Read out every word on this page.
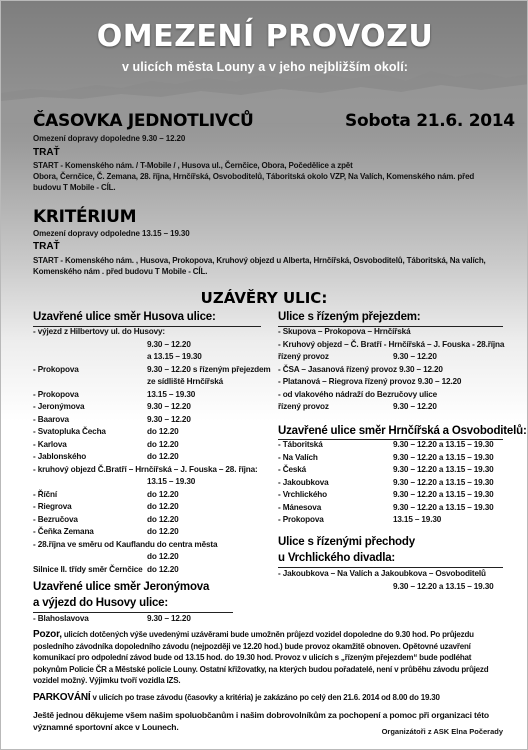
OMEZENÍ PROVOZU
v ulicích města Louny a v jeho nejbližším okolí:
ČASOVKA JEDNOTLIVCŮ	Sobota 21.6. 2014
Omezení dopravy dopoledne 9.30 – 12.20
TRAŤ
START - Komenského nám. / T-Mobile / , Husova ul., Černčice, Obora, Počedělice a zpět
Obora, Černčice, Č. Zemana, 28. října, Hrnčířská, Osvoboditelů, Táboritská okolo VZP, Na Valích, Komenského nám. před
budovu T Mobile - CÍL.
KRITÉRIUM
Omezení dopravy odpoledne 13.15 – 19.30
TRAŤ
START - Komenského nám. , Husova, Prokopova, Kruhový objezd u Alberta, Hrnčířská, Osvoboditelů, Táboritská, Na valích,
Komenského nám . před budovu T Mobile - CÍL.
UZÁVĚRY ULIC:
Uzavřené ulice směr Husova ulice:
- výjezd z Hilbertovy ul. do Husovy:
9.30 – 12.20
a 13.15 – 19.30
- Prokopova	9.30 – 12.20 s řízeným přejezdem
ze sídliště Hrnčířská
- Prokopova	13.15 – 19.30
- Jeronýmova	9.30 – 12.20
- Baarova	9.30 – 12.20
- Svatopluka Čecha	do 12.20
- Karlova	do 12.20
- Jablonského	do 12.20
- kruhový objezd Č.Bratří – Hrnčířská – J. Fouska – 28. října:
13.15 – 19.30
- Říční	do 12.20
- Riegrova	do 12.20
- Bezručova	do 12.20
- Čeňka Zemana	do 12.20
- 28.října ve směru od Kauflandu do centra města
do 12.20
Silnice II. třídy směr Černčice do 12.20
Uzavřené ulice směr Jeronýmova
a výjezd do Husovy ulice:
- Blahoslavova	9.30 – 12.20
Ulice s řízeným přejezdem:
- Skupova – Prokopova – Hrnčířská
- Kruhový objezd – Č. Bratří - Hrnčířská – J. Fouska - 28.října
řízený provoz	9.30 – 12.20
- ČSA – Jasanová řízený provoz 9.30 – 12.20
- Platanová – Riegrova řízený provoz 9.30 – 12.20
- od vlakového nádraží do Bezručovy ulice
řízený provoz	9.30 – 12.20
Uzavřené ulice směr Hrnčířská a Osvoboditelů:
- Táboritská	9.30 – 12.20 a 13.15 – 19.30
- Na Valích	9.30 – 12.20 a 13.15 – 19.30
- Česká	9.30 – 12.20 a 13.15 – 19.30
- Jakoubkova	9.30 – 12.20 a 13.15 – 19.30
- Vrchlického	9.30 – 12.20 a 13.15 – 19.30
- Mánesova	9.30 – 12.20 a 13.15 – 19.30
- Prokopova	13.15 – 19.30
Ulice s řízenými přechody
u Vrchlického divadla:
- Jakoubkova – Na Valích a Jakoubkova – Osvoboditelů
9.30 – 12.20 a 13.15 – 19.30
Pozor, ulicích dotčených výše uvedenými uzávěrami bude umožněn průjezd vozidel dopoledne do 9.30 hod. Po průjezdu posledního závodníka dopoledního závodu (nejpozději ve 12.20 hod.) bude provoz okamžitě obnoven. Opětovné uzavření komunikací pro odpolední závod bude od 13.15 hod. do 19.30 hod. Provoz v ulicích s „řízeným přejezdem“ bude podléhat pokynům Policie ČR a Městské policie Louny. Ostatní křižovatky, na kterých budou pořadatelé, není v průběhu závodu průjezd vozidel možný. Výjimku tvoří vozidla IZS.
PARKOVÁNÍ v ulicích po trase závodu (časovky a kritéria) je zakázáno po celý den 21.6. 2014 od 8.00 do 19.30
Ještě jednou děkujeme všem našim spoluobčanům i našim dobrovolníkům za pochopení a pomoc při organizaci této významné sportovní akce v Lounech.	Organizátoři z ASK Elna Počerady
